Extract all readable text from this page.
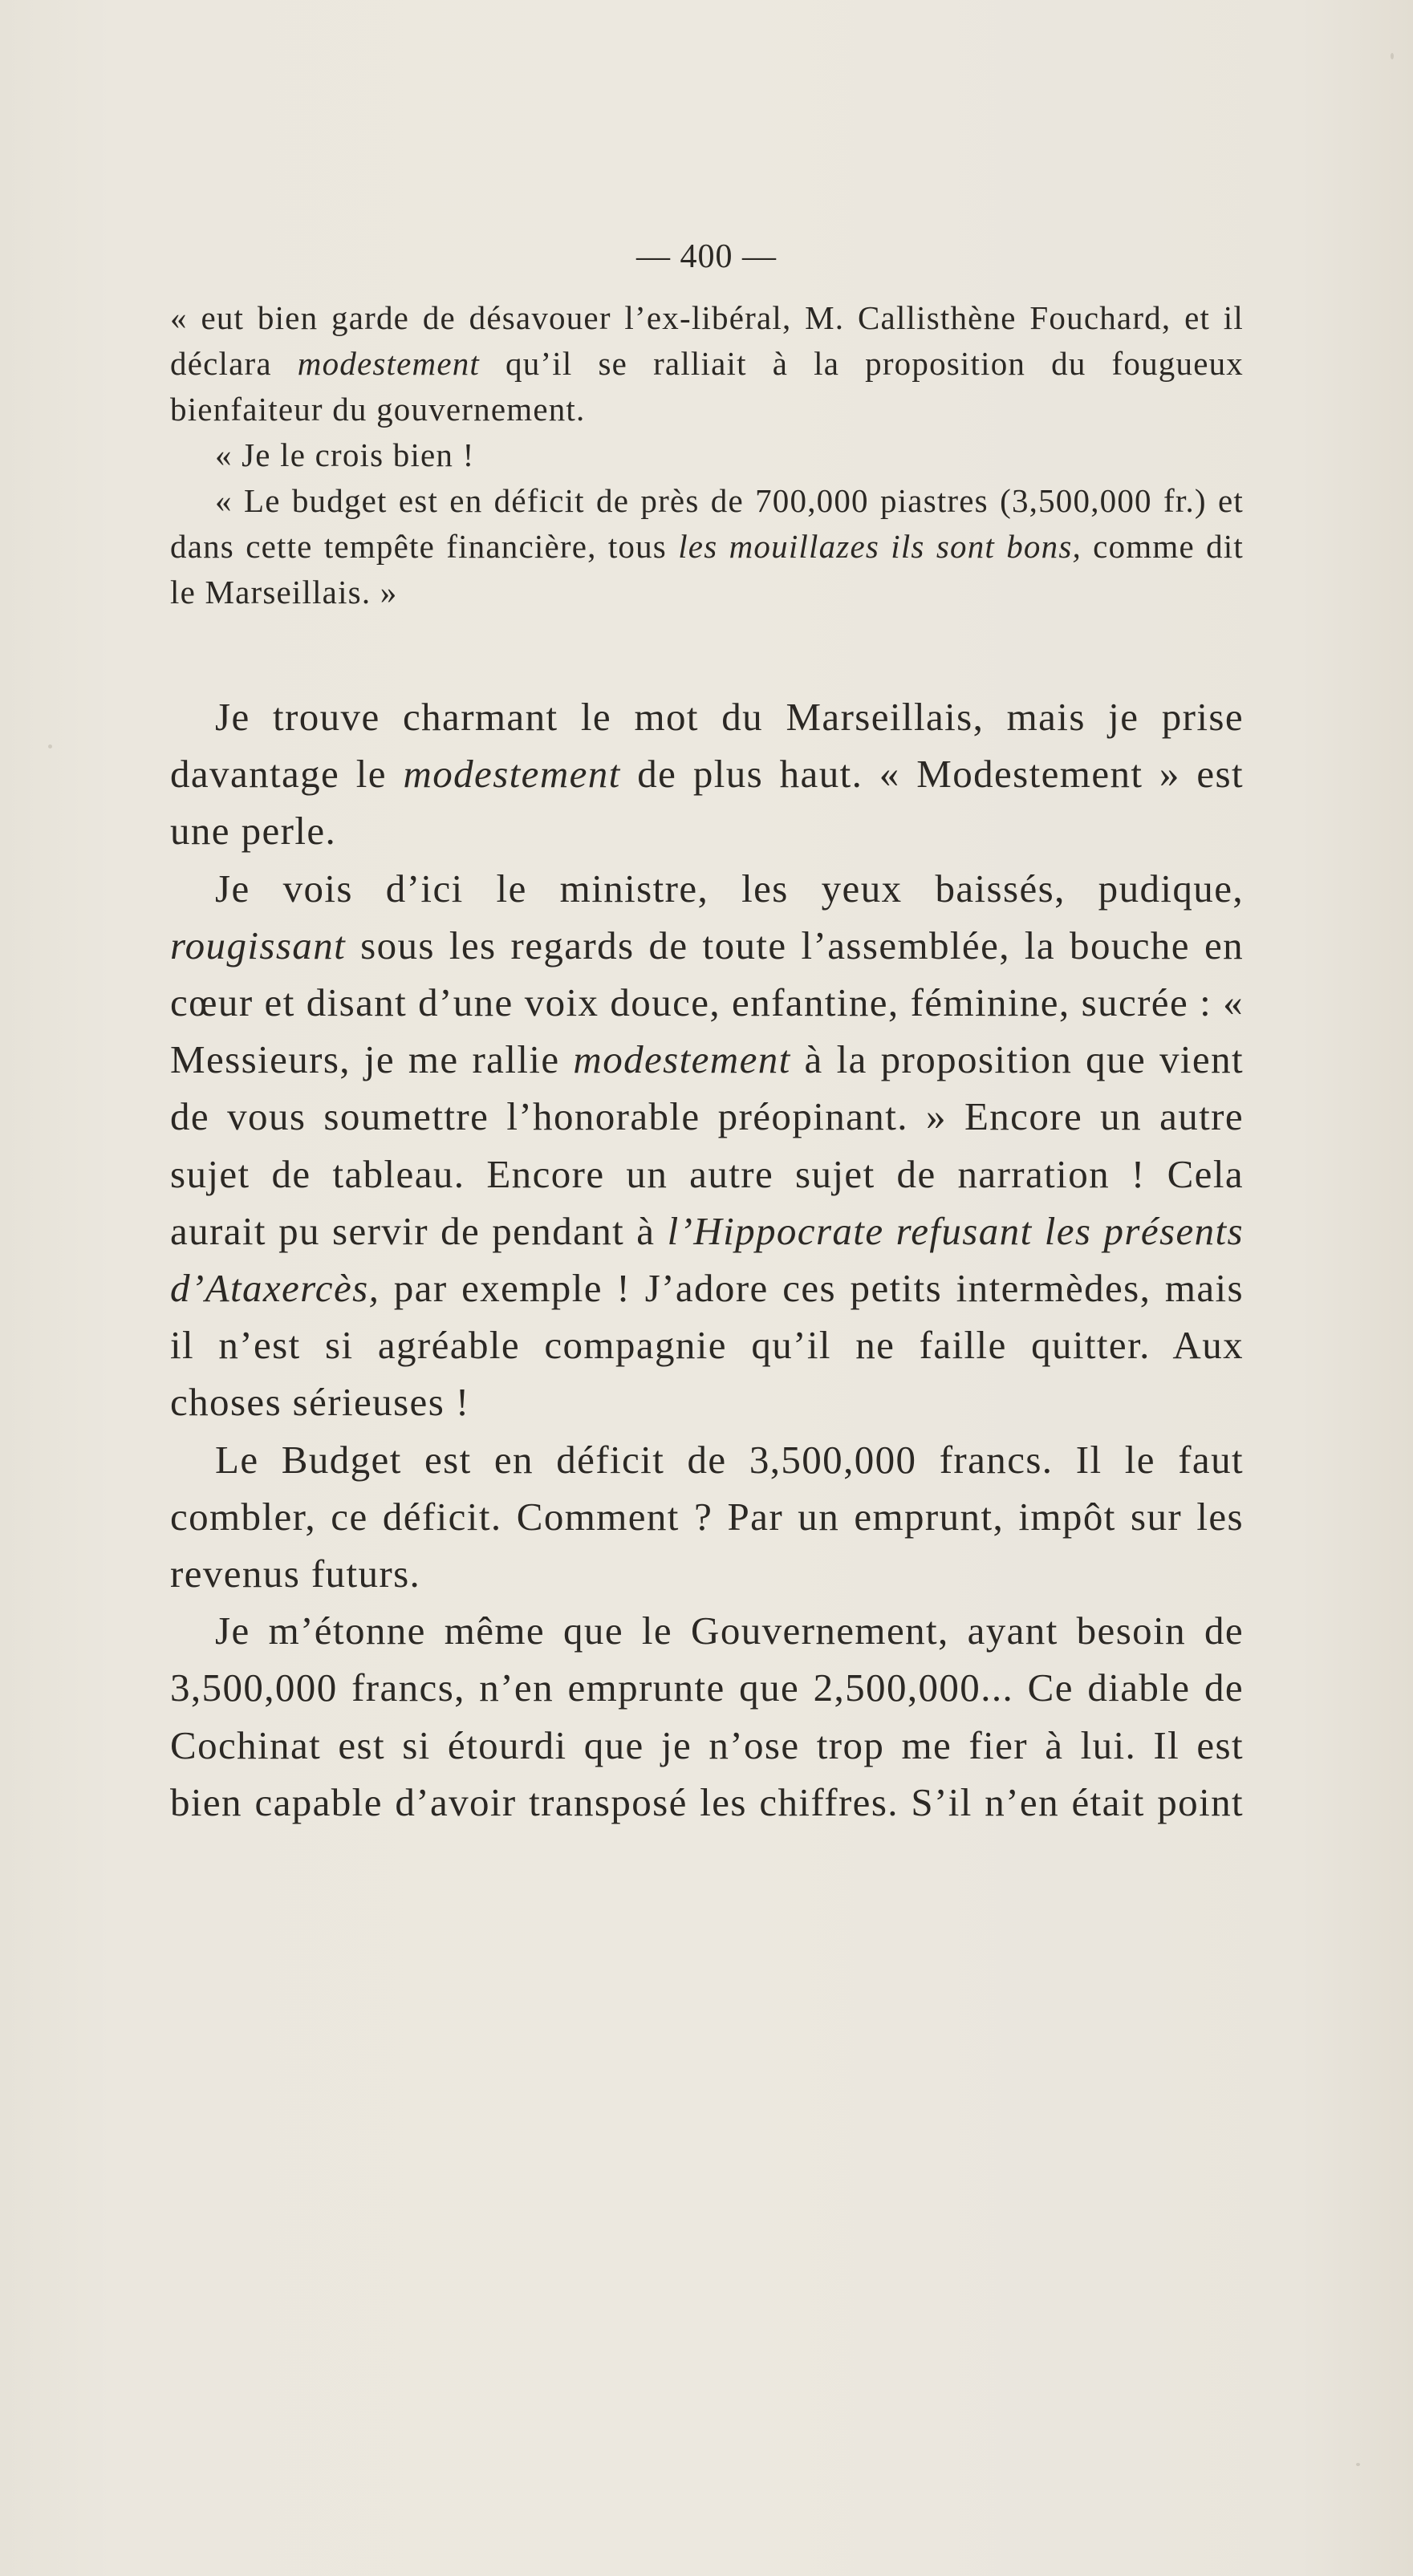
— 400 —

« eut bien garde de désavouer l’ex-libéral, M. Callisthène Fouchard, et il déclara modestement qu’il se ralliait à la proposition du fougueux bienfaiteur du gouvernement.

« Je le crois bien !

« Le budget est en déficit de près de 700,000 piastres (3,500,000 fr.) et dans cette tempête financière, tous les mouillazes ils sont bons, comme dit le Marseillais. »

Je trouve charmant le mot du Marseillais, mais je prise davantage le modestement de plus haut. « Modestement » est une perle.

Je vois d’ici le ministre, les yeux baissés, pudique, rougissant sous les regards de toute l’assemblée, la bouche en cœur et disant d’une voix douce, enfantine, féminine, sucrée : « Messieurs, je me rallie modestement à la proposition que vient de vous soumettre l’honorable préopinant. » Encore un autre sujet de tableau. Encore un autre sujet de narration ! Cela aurait pu servir de pendant à l’Hippocrate refusant les présents d’Ataxercès, par exemple ! J’adore ces petits intermèdes, mais il n’est si agréable compagnie qu’il ne faille quitter. Aux choses sérieuses !

Le Budget est en déficit de 3,500,000 francs. Il le faut combler, ce déficit. Comment ? Par un emprunt, impôt sur les revenus futurs.

Je m’étonne même que le Gouvernement, ayant besoin de 3,500,000 francs, n’en emprunte que 2,500,000... Ce diable de Cochinat est si étourdi que je n’ose trop me fier à lui. Il est bien capable d’avoir transposé les chiffres. S’il n’en était point
